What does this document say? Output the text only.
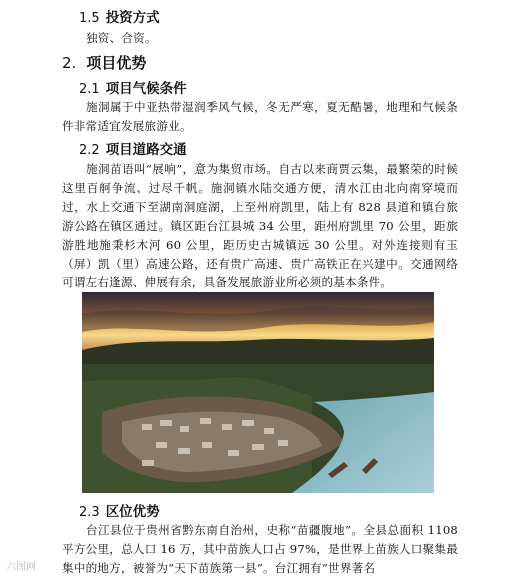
1.5 投资方式
独资、合资。
2. 项目优势
2.1 项目气候条件
施洞属于中亚热带湿润季风气候，冬无严寒，夏无酷暑，地理和气候条件非常适宜发展旅游业。
2.2 项目道路交通
施洞苗语叫“展响”，意为集贸市场。自古以来商贾云集，最繁荣的时候这里百舸争流、过尽千帆。施洞镇水陆交通方便，清水江由北向南穿境而过，水上交通下至湖南洞庭湖，上至州府凯里，陆上有 828 县道和镇台旅游公路在镇区通过。镇区距台江县城 34 公里，距州府凯里 70 公里，距旅游胜地施秉杉木河 60 公里，距历史古城镇远 30 公里。对外连接则有玉（屏）凯（里）高速公路，还有贵广高速、贵广高铁正在兴建中。交通网络可谓左右逢源、伸展有余，具备发展旅游业所必须的基本条件。
2.3 区位优势
台江县位于贵州省黔东南自治州，史称“苗疆腹地”。全县总面积 1108 平方公里，总人口 16 万，其中苗族人口占 97%，是世界上苗族人口聚集最集中的地方，被誉为“天下苗族第一县”。台江拥有“世界著名
六图网
